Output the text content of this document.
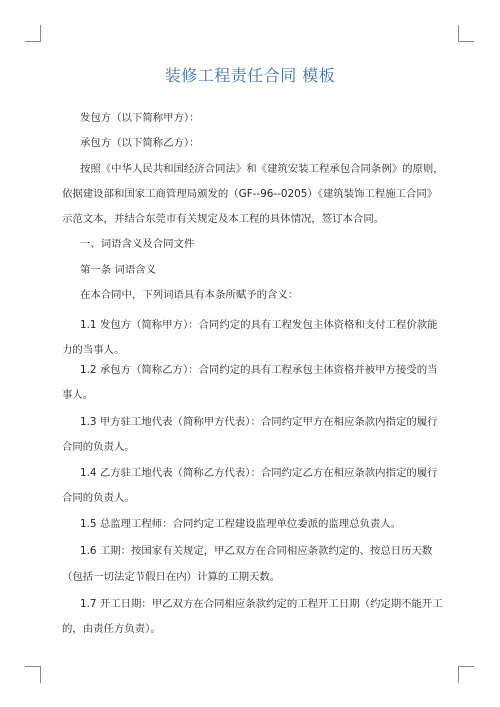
装修工程责任合同 模板
发包方（以下简称甲方）：
承包方（以下简称乙方）：
按照《中华人民共和国经济合同法》和《建筑安装工程承包合同条例》的原则，
依据建设部和国家工商管理局颁发的（GF--96--0205）《建筑装饰工程施工合同》
示范文本，并结合东莞市有关规定及本工程的具体情况，签订本合同。
一、词语含义及合同文件
第一条 词语含义
在本合同中，下列词语具有本条所赋予的含义：
1.1 发包方（简称甲方）：合同约定的具有工程发包主体资格和支付工程价款能
力的当事人。
1.2 承包方（简称乙方）：合同约定的具有工程承包主体资格并被甲方接受的当
事人。
1.3 甲方驻工地代表（简称甲方代表）：合同约定甲方在相应条款内指定的履行
合同的负责人。
1.4 乙方驻工地代表（简称乙方代表）：合同约定乙方在相应条款内指定的履行
合同的负责人。
1.5 总监理工程师：合同约定工程建设监理单位委派的监理总负责人。
1.6 工期：按国家有关规定，甲乙双方在合同相应条款约定的、按总日历天数
（包括一切法定节假日在内）计算的工期天数。
1.7 开工日期：甲乙双方在合同相应条款约定的工程开工日期（约定期不能开工
的，由责任方负责）。
